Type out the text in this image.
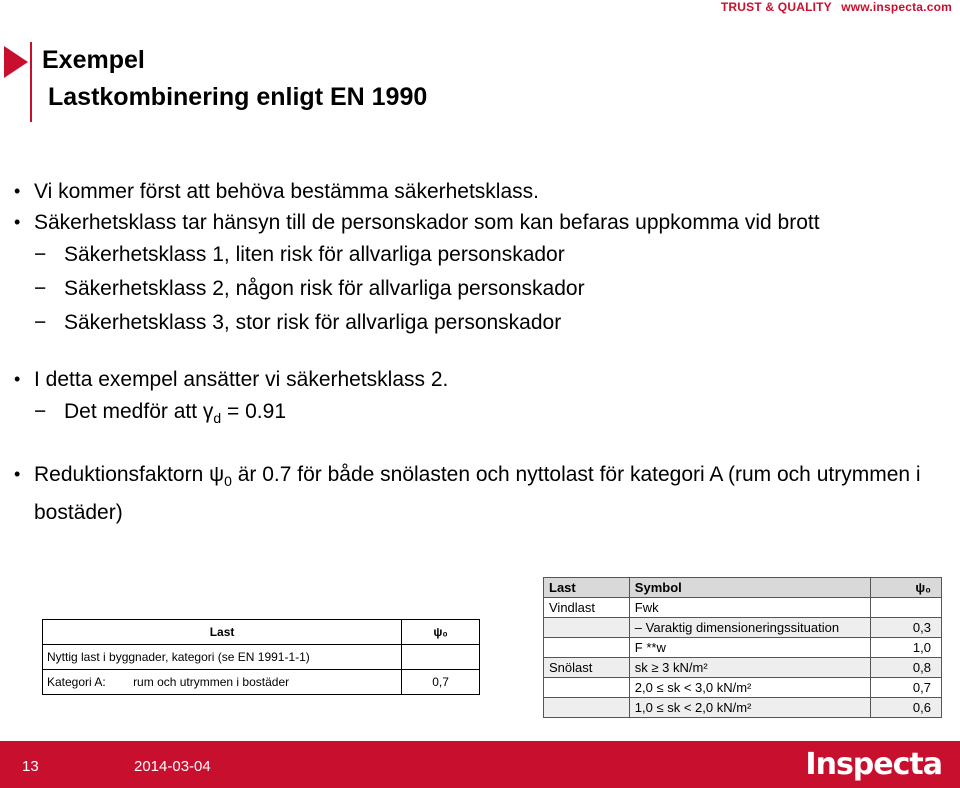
TRUST & QUALITY www.inspecta.com
Exempel
Lastkombinering enligt EN 1990
• Vi kommer först att behöva bestämma säkerhetsklass.
• Säkerhetsklass tar hänsyn till de personskador som kan befaras uppkomma vid brott
− Säkerhetsklass 1, liten risk för allvarliga personskador
− Säkerhetsklass 2, någon risk för allvarliga personskador
− Säkerhetsklass 3, stor risk för allvarliga personskador
• I detta exempel ansätter vi säkerhetsklass 2.
− Det medför att $\gamma_d = 0.91$
• Reduktionsfaktorn $\psi_0$ är 0.7 för både snölasten och nyttolast för kategori A (rum och utrymmen i bostäder)
Last	ψ₀
Nyttig last i byggnader, kategori (se EN 1991-1-1)	
Kategori A: rum och utrymmen i bostäder	0,7
Last	Symbol	ψ₀
Vindlast	Fwk	
	– Varaktig dimensioneringssituation	0,3
	F **w	1,0
Snölast	sk ≥ 3 kN/m²	0,8
	2,0 ≤ sk < 3,0 kN/m²	0,7
	1,0 ≤ sk < 2,0 kN/m²	0,6
13	2014-03-04	Inspecta
